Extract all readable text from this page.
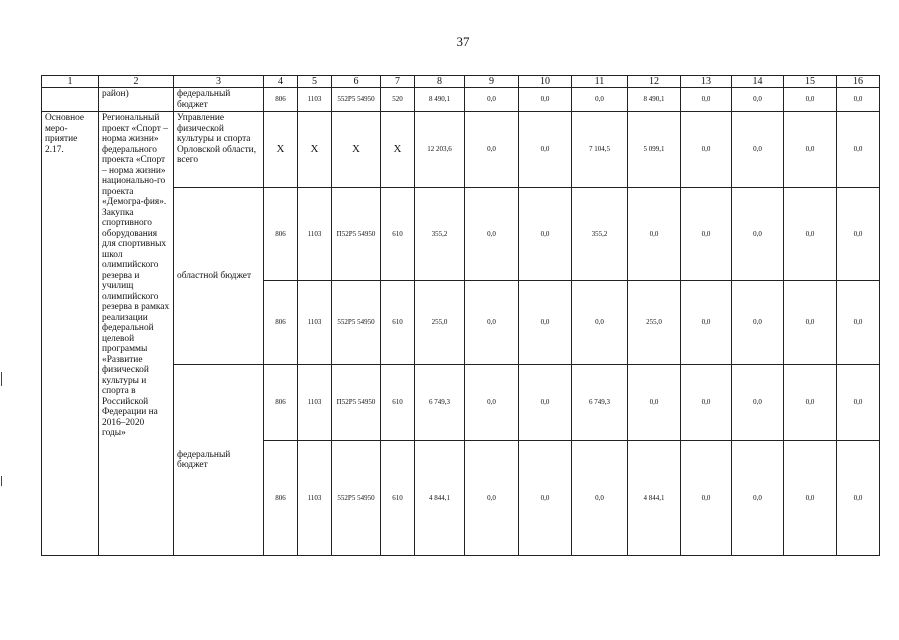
37
1	2	3	4	5	6	7	8	9	10	11	12	13	14	15	16
	район)	федеральный бюджет	806	1103	552P5 54950	520	8 490,1	0,0	0,0	0,0	8 490,1	0,0	0,0	0,0	0,0
Основное меро-приятие 2.17.	Региональный проект «Спорт – норма жизни» федерального проекта «Спорт – норма жизни» национально-го проекта «Демогра-фия». Закупка спортивного оборудования для спортивных школ олимпийского резерва и училищ олимпийского резерва в рамках реализации федеральной целевой программы «Развитие физической культуры и спорта в Российской Федерации на 2016–2020 годы»	Управление физической культуры и спорта Орловской области, всего	X	X	X	X	12 203,6	0,0	0,0	7 104,5	5 099,1	0,0	0,0	0,0	0,0
		областной бюджет	806	1103	П52P5 54950	610	355,2	0,0	0,0	355,2	0,0	0,0	0,0	0,0	0,0
			806	1103	552P5 54950	610	255,0	0,0	0,0	0,0	255,0	0,0	0,0	0,0	0,0
		федеральный бюджет	806	1103	П52P5 54950	610	6 749,3	0,0	0,0	6 749,3	0,0	0,0	0,0	0,0	0,0
			806	1103	552P5 54950	610	4 844,1	0,0	0,0	0,0	4 844,1	0,0	0,0	0,0	0,0
